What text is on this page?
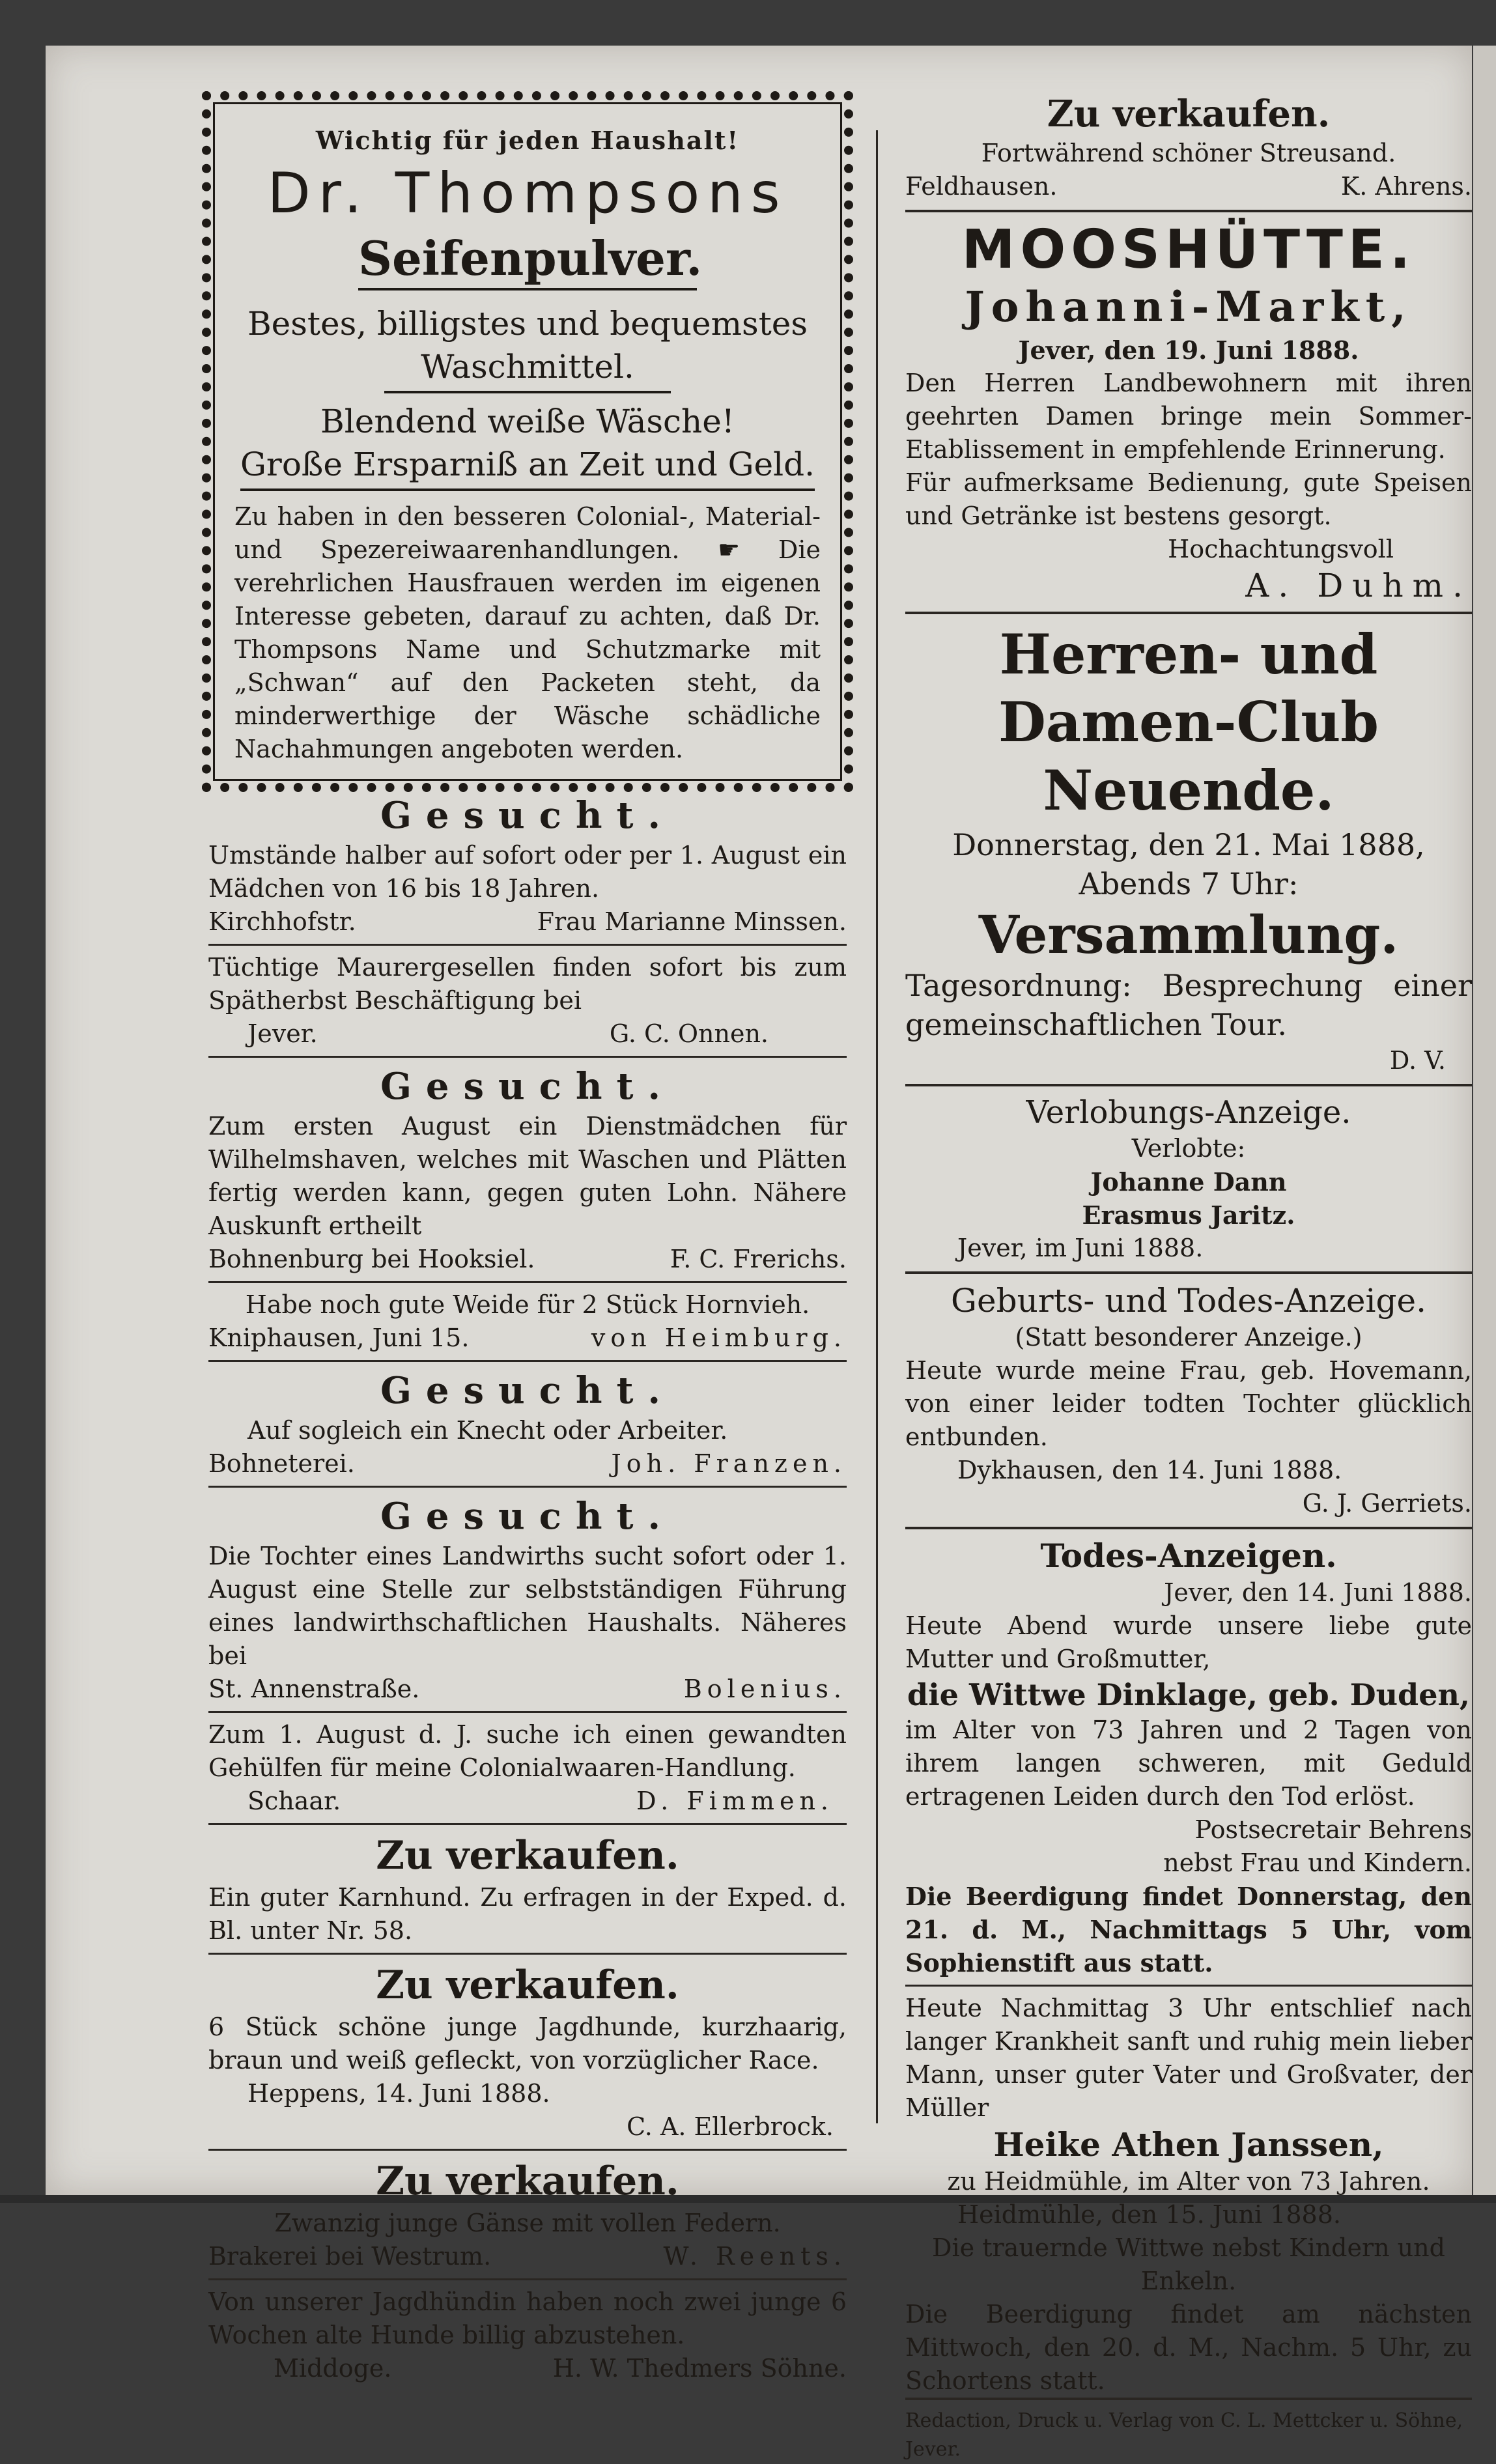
Wichtig für jeden Haushalt!
Dr. Thompsons
Seifenpulver.
Bestes, billigstes und bequemstes
Waschmittel.
Blendend weiße Wäsche!
Große Ersparniß an Zeit und Geld.
Zu haben in den besseren Colonial-, Material- und Spezereiwaarenhandlungen. ☛ Die verehrlichen Hausfrauen werden im eigenen Interesse gebeten, darauf zu achten, daß Dr. Thompsons Name und Schutzmarke mit „Schwan“ auf den Packeten steht, da minderwerthige der Wäsche schädliche Nachahmungen angeboten werden.
Gesucht.
Umstände halber auf sofort oder per 1. August ein Mädchen von 16 bis 18 Jahren.
Kirchhofstr.	Frau Marianne Minssen.
Tüchtige Maurergesellen finden sofort bis zum Spätherbst Beschäftigung bei
Jever.	G. C. Onnen.
Gesucht.
Zum ersten August ein Dienstmädchen für Wilhelmshaven, welches mit Waschen und Plätten fertig werden kann, gegen guten Lohn. Nähere Auskunft ertheilt
Bohnenburg bei Hooksiel.	F. C. Frerichs.
Habe noch gute Weide für 2 Stück Hornvieh.
Kniphausen, Juni 15.	von Heimburg.
Gesucht.
Auf sogleich ein Knecht oder Arbeiter.
Bohneterei.	Joh. Franzen.
Gesucht.
Die Tochter eines Landwirths sucht sofort oder 1. August eine Stelle zur selbstständigen Führung eines landwirthschaftlichen Haushalts. Näheres bei
St. Annenstraße.	Bolenius.
Zum 1. August d. J. suche ich einen gewandten Gehülfen für meine Colonialwaaren-Handlung.
Schaar.	D. Fimmen.
Zu verkaufen.
Ein guter Karnhund. Zu erfragen in der Exped. d. Bl. unter Nr. 58.
Zu verkaufen.
6 Stück schöne junge Jagdhunde, kurzhaarig, braun und weiß gefleckt, von vorzüglicher Race.
Heppens, 14. Juni 1888.
C. A. Ellerbrock.
Zu verkaufen.
Zwanzig junge Gänse mit vollen Federn.
Brakerei bei Westrum.	W. Reents.
Von unserer Jagdhündin haben noch zwei junge 6 Wochen alte Hunde billig abzustehen.
Middoge.	H. W. Thedmers Söhne.
Zu verkaufen.
Fortwährend schöner Streusand.
Feldhausen.	K. Ahrens.
MOOSHÜTTE.
Johanni-Markt,
Jever, den 19. Juni 1888.
Den Herren Landbewohnern mit ihren geehrten Damen bringe mein Sommer-Etablissement in empfehlende Erinnerung.
Für aufmerksame Bedienung, gute Speisen und Getränke ist bestens gesorgt.
Hochachtungsvoll
A. Duhm.
Herren- und Damen-Club
Neuende.
Donnerstag, den 21. Mai 1888,
Abends 7 Uhr:
Versammlung.
Tagesordnung: Besprechung einer gemeinschaftlichen Tour.
D. V.
Verlobungs-Anzeige.
Verlobte:
Johanne Dann
Erasmus Jaritz.
Jever, im Juni 1888.
Geburts- und Todes-Anzeige.
(Statt besonderer Anzeige.)
Heute wurde meine Frau, geb. Hovemann, von einer leider todten Tochter glücklich entbunden.
Dykhausen, den 14. Juni 1888.
G. J. Gerriets.
Todes-Anzeigen.
Jever, den 14. Juni 1888.
Heute Abend wurde unsere liebe gute Mutter und Großmutter,
die Wittwe Dinklage, geb. Duden,
im Alter von 73 Jahren und 2 Tagen von ihrem langen schweren, mit Geduld ertragenen Leiden durch den Tod erlöst.
Postsecretair Behrens
nebst Frau und Kindern.
Die Beerdigung findet Donnerstag, den 21. d. M., Nachmittags 5 Uhr, vom Sophienstift aus statt.
Heute Nachmittag 3 Uhr entschlief nach langer Krankheit sanft und ruhig mein lieber Mann, unser guter Vater und Großvater, der Müller
Heike Athen Janssen,
zu Heidmühle, im Alter von 73 Jahren.
Heidmühle, den 15. Juni 1888.
Die trauernde Wittwe nebst Kindern und Enkeln.
Die Beerdigung findet am nächsten Mittwoch, den 20. d. M., Nachm. 5 Uhr, zu Schortens statt.
Redaction, Druck u. Verlag von C. L. Mettcker u. Söhne, Jever.
